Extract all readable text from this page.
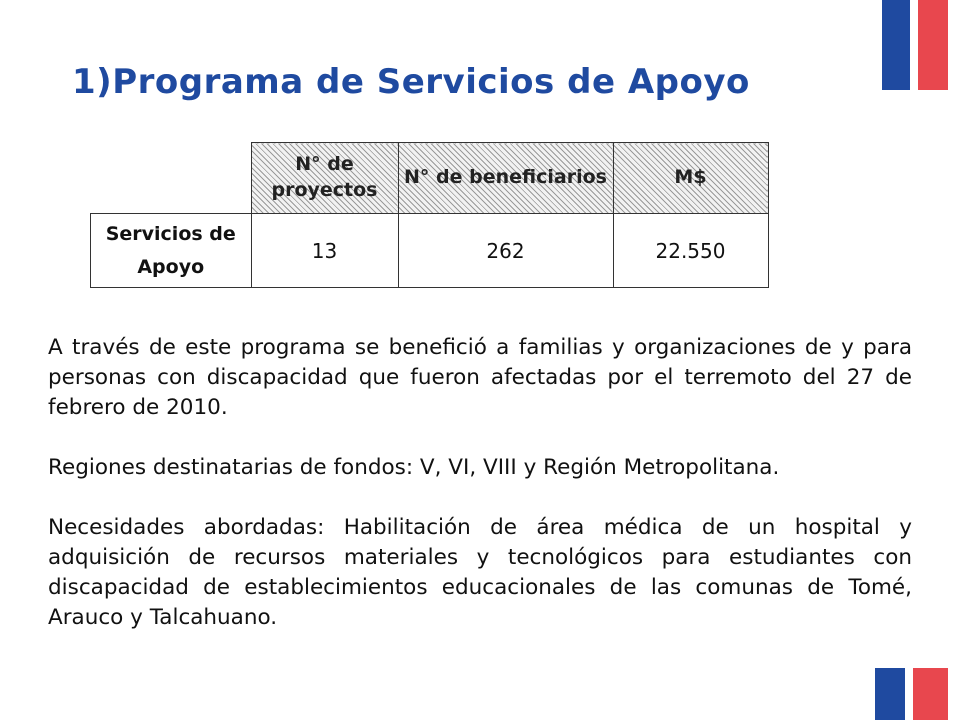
1)Programa de Servicios de Apoyo
	N° de proyectos	N° de beneficiarios	M$
Servicios de Apoyo	13	262	22.550

A través de este programa se benefició a familias y organizaciones de y para personas con discapacidad que fueron afectadas por el terremoto del 27 de febrero de 2010.

Regiones destinatarias de fondos: V, VI, VIII y Región Metropolitana.

Necesidades abordadas: Habilitación de área médica de un hospital y adquisición de recursos materiales y tecnológicos para estudiantes con discapacidad de establecimientos educacionales de las comunas de Tomé, Arauco y Talcahuano.
